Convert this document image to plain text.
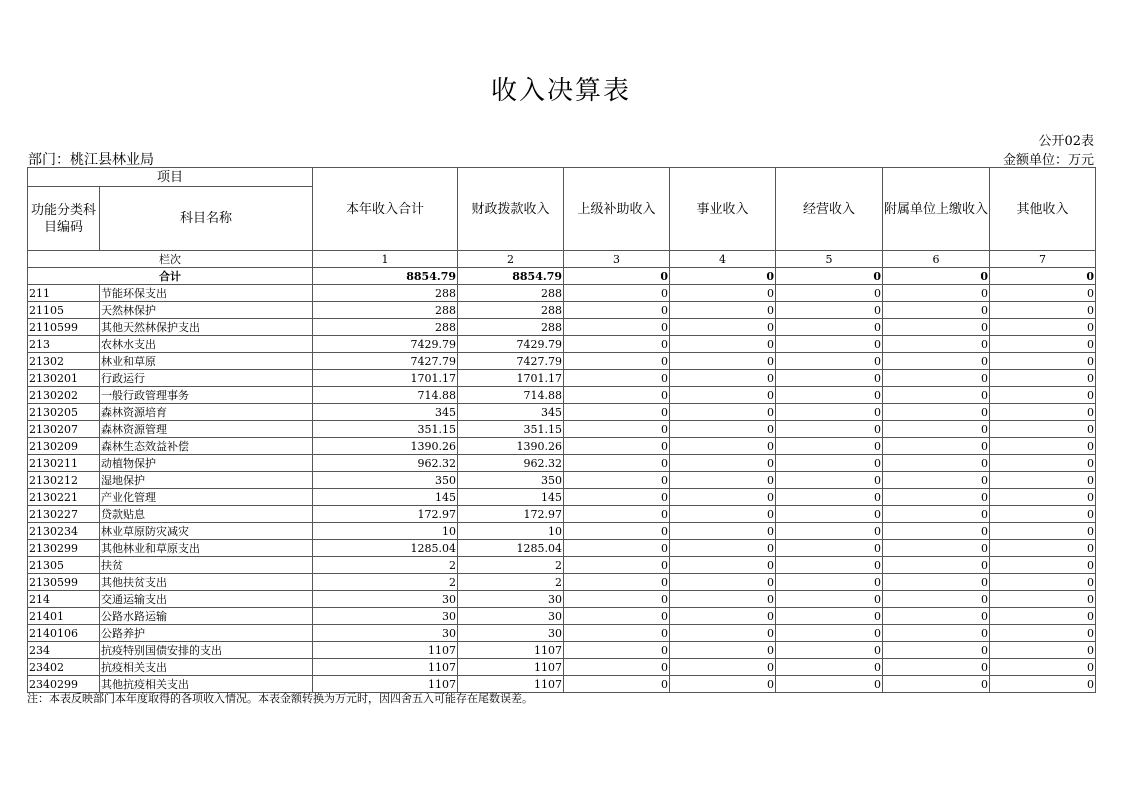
收入决算表
公开02表
部门：桃江县林业局	金额单位：万元
项目		本年收入合计	财政拨款收入	上级补助收入	事业收入	经营收入	附属单位上缴收入	其他收入
功能分类科目编码	科目名称							
栏次		1	2	3	4	5	6	7
合计		8854.79	8854.79	0	0	0	0	0
211	节能环保支出	288	288	0	0	0	0	0
21105	天然林保护	288	288	0	0	0	0	0
2110599	其他天然林保护支出	288	288	0	0	0	0	0
213	农林水支出	7429.79	7429.79	0	0	0	0	0
21302	林业和草原	7427.79	7427.79	0	0	0	0	0
2130201	行政运行	1701.17	1701.17	0	0	0	0	0
2130202	一般行政管理事务	714.88	714.88	0	0	0	0	0
2130205	森林资源培育	345	345	0	0	0	0	0
2130207	森林资源管理	351.15	351.15	0	0	0	0	0
2130209	森林生态效益补偿	1390.26	1390.26	0	0	0	0	0
2130211	动植物保护	962.32	962.32	0	0	0	0	0
2130212	湿地保护	350	350	0	0	0	0	0
2130221	产业化管理	145	145	0	0	0	0	0
2130227	贷款贴息	172.97	172.97	0	0	0	0	0
2130234	林业草原防灾减灾	10	10	0	0	0	0	0
2130299	其他林业和草原支出	1285.04	1285.04	0	0	0	0	0
21305	扶贫	2	2	0	0	0	0	0
2130599	其他扶贫支出	2	2	0	0	0	0	0
214	交通运输支出	30	30	0	0	0	0	0
21401	公路水路运输	30	30	0	0	0	0	0
2140106	公路养护	30	30	0	0	0	0	0
234	抗疫特别国债安排的支出	1107	1107	0	0	0	0	0
23402	抗疫相关支出	1107	1107	0	0	0	0	0
2340299	其他抗疫相关支出	1107	1107	0	0	0	0	0
注：本表反映部门本年度取得的各项收入情况。本表金额转换为万元时，因四舍五入可能存在尾数误差。
